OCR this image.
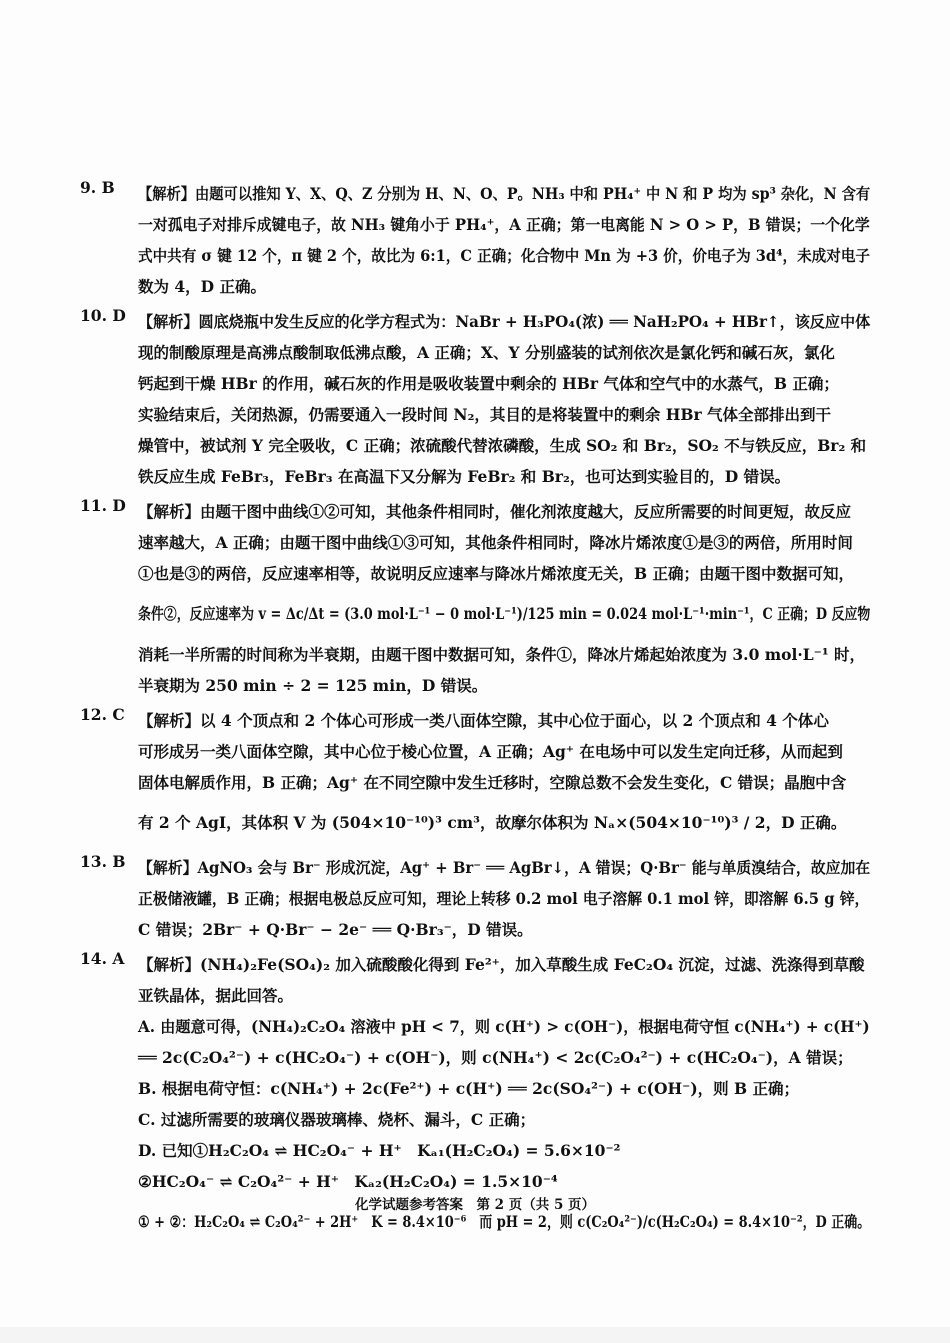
9. B	【解析】由题可以推知 Y、X、Q、Z 分别为 H、N、O、P。NH₃ 中和 PH₄⁺ 中 N 和 P 均为 sp³ 杂化，N 含有
一对孤电子对排斥成键电子，故 NH₃ 键角小于 PH₄⁺，A 正确；第一电离能 N > O > P，B 错误；一个化学
式中共有 σ 键 12 个，π 键 2 个，故比为 6:1，C 正确；化合物中 Mn 为 +3 价，价电子为 3d⁴，未成对电子
数为 4，D 正确。
10. D 【解析】圆底烧瓶中发生反应的化学方程式为：NaBr + H₃PO₄(浓) ══ NaH₂PO₄ + HBr↑，该反应中体
现的制酸原理是高沸点酸制取低沸点酸，A 正确；X、Y 分别盛装的试剂依次是氯化钙和碱石灰，氯化
钙起到干燥 HBr 的作用，碱石灰的作用是吸收装置中剩余的 HBr 气体和空气中的水蒸气，B 正确；
实验结束后，关闭热源，仍需要通入一段时间 N₂，其目的是将装置中的剩余 HBr 气体全部排出到干
燥管中，被试剂 Y 完全吸收，C 正确；浓硫酸代替浓磷酸，生成 SO₂ 和 Br₂，SO₂ 不与铁反应，Br₂ 和
铁反应生成 FeBr₃，FeBr₃ 在高温下又分解为 FeBr₂ 和 Br₂，也可达到实验目的，D 错误。
11. D 【解析】由题干图中曲线①②可知，其他条件相同时，催化剂浓度越大，反应所需要的时间更短，故反应
速率越大，A 正确；由题干图中曲线①③可知，其他条件相同时，降冰片烯浓度①是③的两倍，所用时间
①也是③的两倍，反应速率相等，故说明反应速率与降冰片烯浓度无关，B 正确；由题干图中数据可知，
条件②，反应速率为 v = Δc/Δt = (3.0 mol·L⁻¹ − 0 mol·L⁻¹)/125 min = 0.024 mol·L⁻¹·min⁻¹，C 正确；D 反应物
消耗一半所需的时间称为半衰期，由题干图中数据可知，条件①，降冰片烯起始浓度为 3.0 mol·L⁻¹ 时，
半衰期为 250 min ÷ 2 = 125 min，D 错误。
12. C 【解析】以 4 个顶点和 2 个体心可形成一类八面体空隙，其中心位于面心，以 2 个顶点和 4 个体心
可形成另一类八面体空隙，其中心位于棱心位置，A 正确；Ag⁺ 在电场中可以发生定向迁移，从而起到
固体电解质作用，B 正确；Ag⁺ 在不同空隙中发生迁移时，空隙总数不会发生变化，C 错误；晶胞中含
有 2 个 AgI，其体积 V 为 (504×10⁻¹⁰)³ cm³，故摩尔体积为 Nₐ×(504×10⁻¹⁰)³ / 2，D 正确。
13. B 【解析】AgNO₃ 会与 Br⁻ 形成沉淀，Ag⁺ + Br⁻ ══ AgBr↓，A 错误；Q·Br⁻ 能与单质溴结合，故应加在
正极储液罐，B 正确；根据电极总反应可知，理论上转移 0.2 mol 电子溶解 0.1 mol 锌，即溶解 6.5 g 锌，
C 错误；2Br⁻ + Q·Br⁻ − 2e⁻ ══ Q·Br₃⁻，D 错误。
14. A 【解析】(NH₄)₂Fe(SO₄)₂ 加入硫酸酸化得到 Fe²⁺，加入草酸生成 FeC₂O₄ 沉淀，过滤、洗涤得到草酸
亚铁晶体，据此回答。
A. 由题意可得，(NH₄)₂C₂O₄ 溶液中 pH < 7，则 c(H⁺) > c(OH⁻)，根据电荷守恒 c(NH₄⁺) + c(H⁺)
══ 2c(C₂O₄²⁻) + c(HC₂O₄⁻) + c(OH⁻)，则 c(NH₄⁺) < 2c(C₂O₄²⁻) + c(HC₂O₄⁻)，A 错误；
B. 根据电荷守恒：c(NH₄⁺) + 2c(Fe²⁺) + c(H⁺) ══ 2c(SO₄²⁻) + c(OH⁻)，则 B 正确；
C. 过滤所需要的玻璃仪器玻璃棒、烧杯、漏斗，C 正确；
D. 已知①H₂C₂O₄ ⇌ HC₂O₄⁻ + H⁺　Kₐ₁(H₂C₂O₄) = 5.6×10⁻²
②HC₂O₄⁻ ⇌ C₂O₄²⁻ + H⁺　Kₐ₂(H₂C₂O₄) = 1.5×10⁻⁴
① + ②：H₂C₂O₄ ⇌ C₂O₄²⁻ + 2H⁺　K = 8.4×10⁻⁶　而 pH = 2，则 c(C₂O₄²⁻)/c(H₂C₂O₄) = 8.4×10⁻²，D 正确。
化学试题参考答案　第 2 页（共 5 页）
